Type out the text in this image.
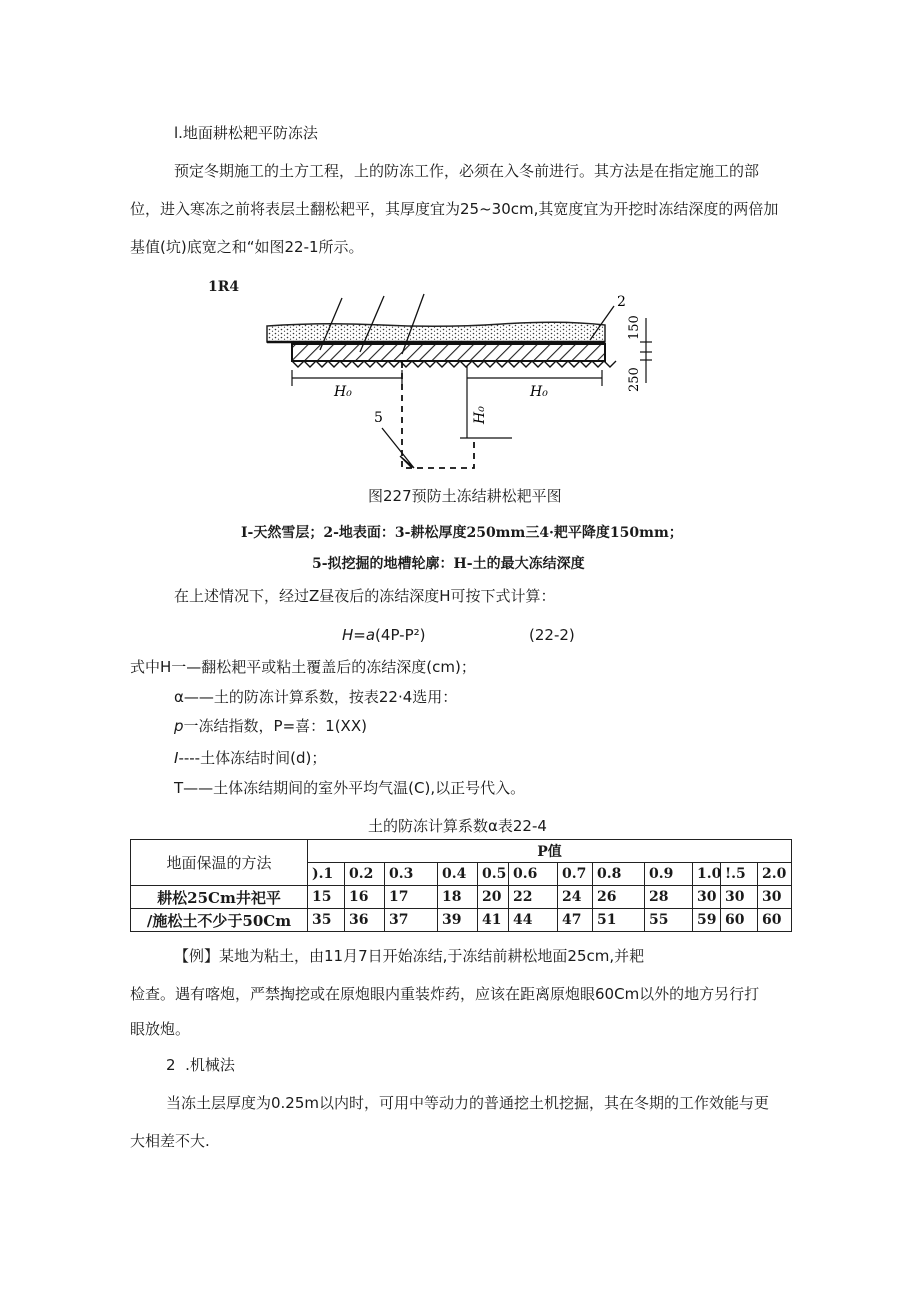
l.地面耕松耙平防冻法
预定冬期施工的土方工程，上的防冻工作，必须在入冬前进行。其方法是在指定施工的部
位，进入寒冻之前将表层土翻松耙平，其厚度宜为25~30cm,其宽度宜为开挖时冻结深度的两倍加
基值(坑)底宽之和“如图22-1所示。
1R4
2
150
250
H₀	H₀
H₀
5
图227预防土冻结耕松耙平图
I-天然雪层；2-地表面：3-耕松厚度250mm三4·耙平降度150mm；
5-拟挖掘的地槽轮廓：H-土的最大冻结深度
在上述情况下，经过Z昼夜后的冻结深度H可按下式计算：
H=a(4P-P²)	(22-2)
式中H一—翻松耙平或粘土覆盖后的冻结深度(cm)；
α——土的防冻计算系数，按表22·4选用：
p一冻结指数，P=喜：1(XX)
I----土体冻结时间(d)；
T——土体冻结期间的室外平均气温(C),以正号代入。
土的防冻计算系数α表22-4
地面保温的方法	P值											
	).1	0.2	0.3	0.4	0.5	0.6	0.7	0.8	0.9	1.0	!.5	2.0
耕松25Cm井祀平	15	16	17	18	20	22	24	26	28	30	30	30
/施松土不少于50Cm	35	36	37	39	41	44	47	51	55	59	60	60
【例】某地为粘土，由11月7日开始冻结,于冻结前耕松地面25cm,并耙
检查。遇有喀炮，严禁掏挖或在原炮眼内重装炸药，应该在距离原炮眼60Cm以外的地方另行打
眼放炮。
2  .机械法
当冻土层厚度为0.25m以内时，可用中等动力的普通挖土机挖掘，其在冬期的工作效能与更
大相差不大.
